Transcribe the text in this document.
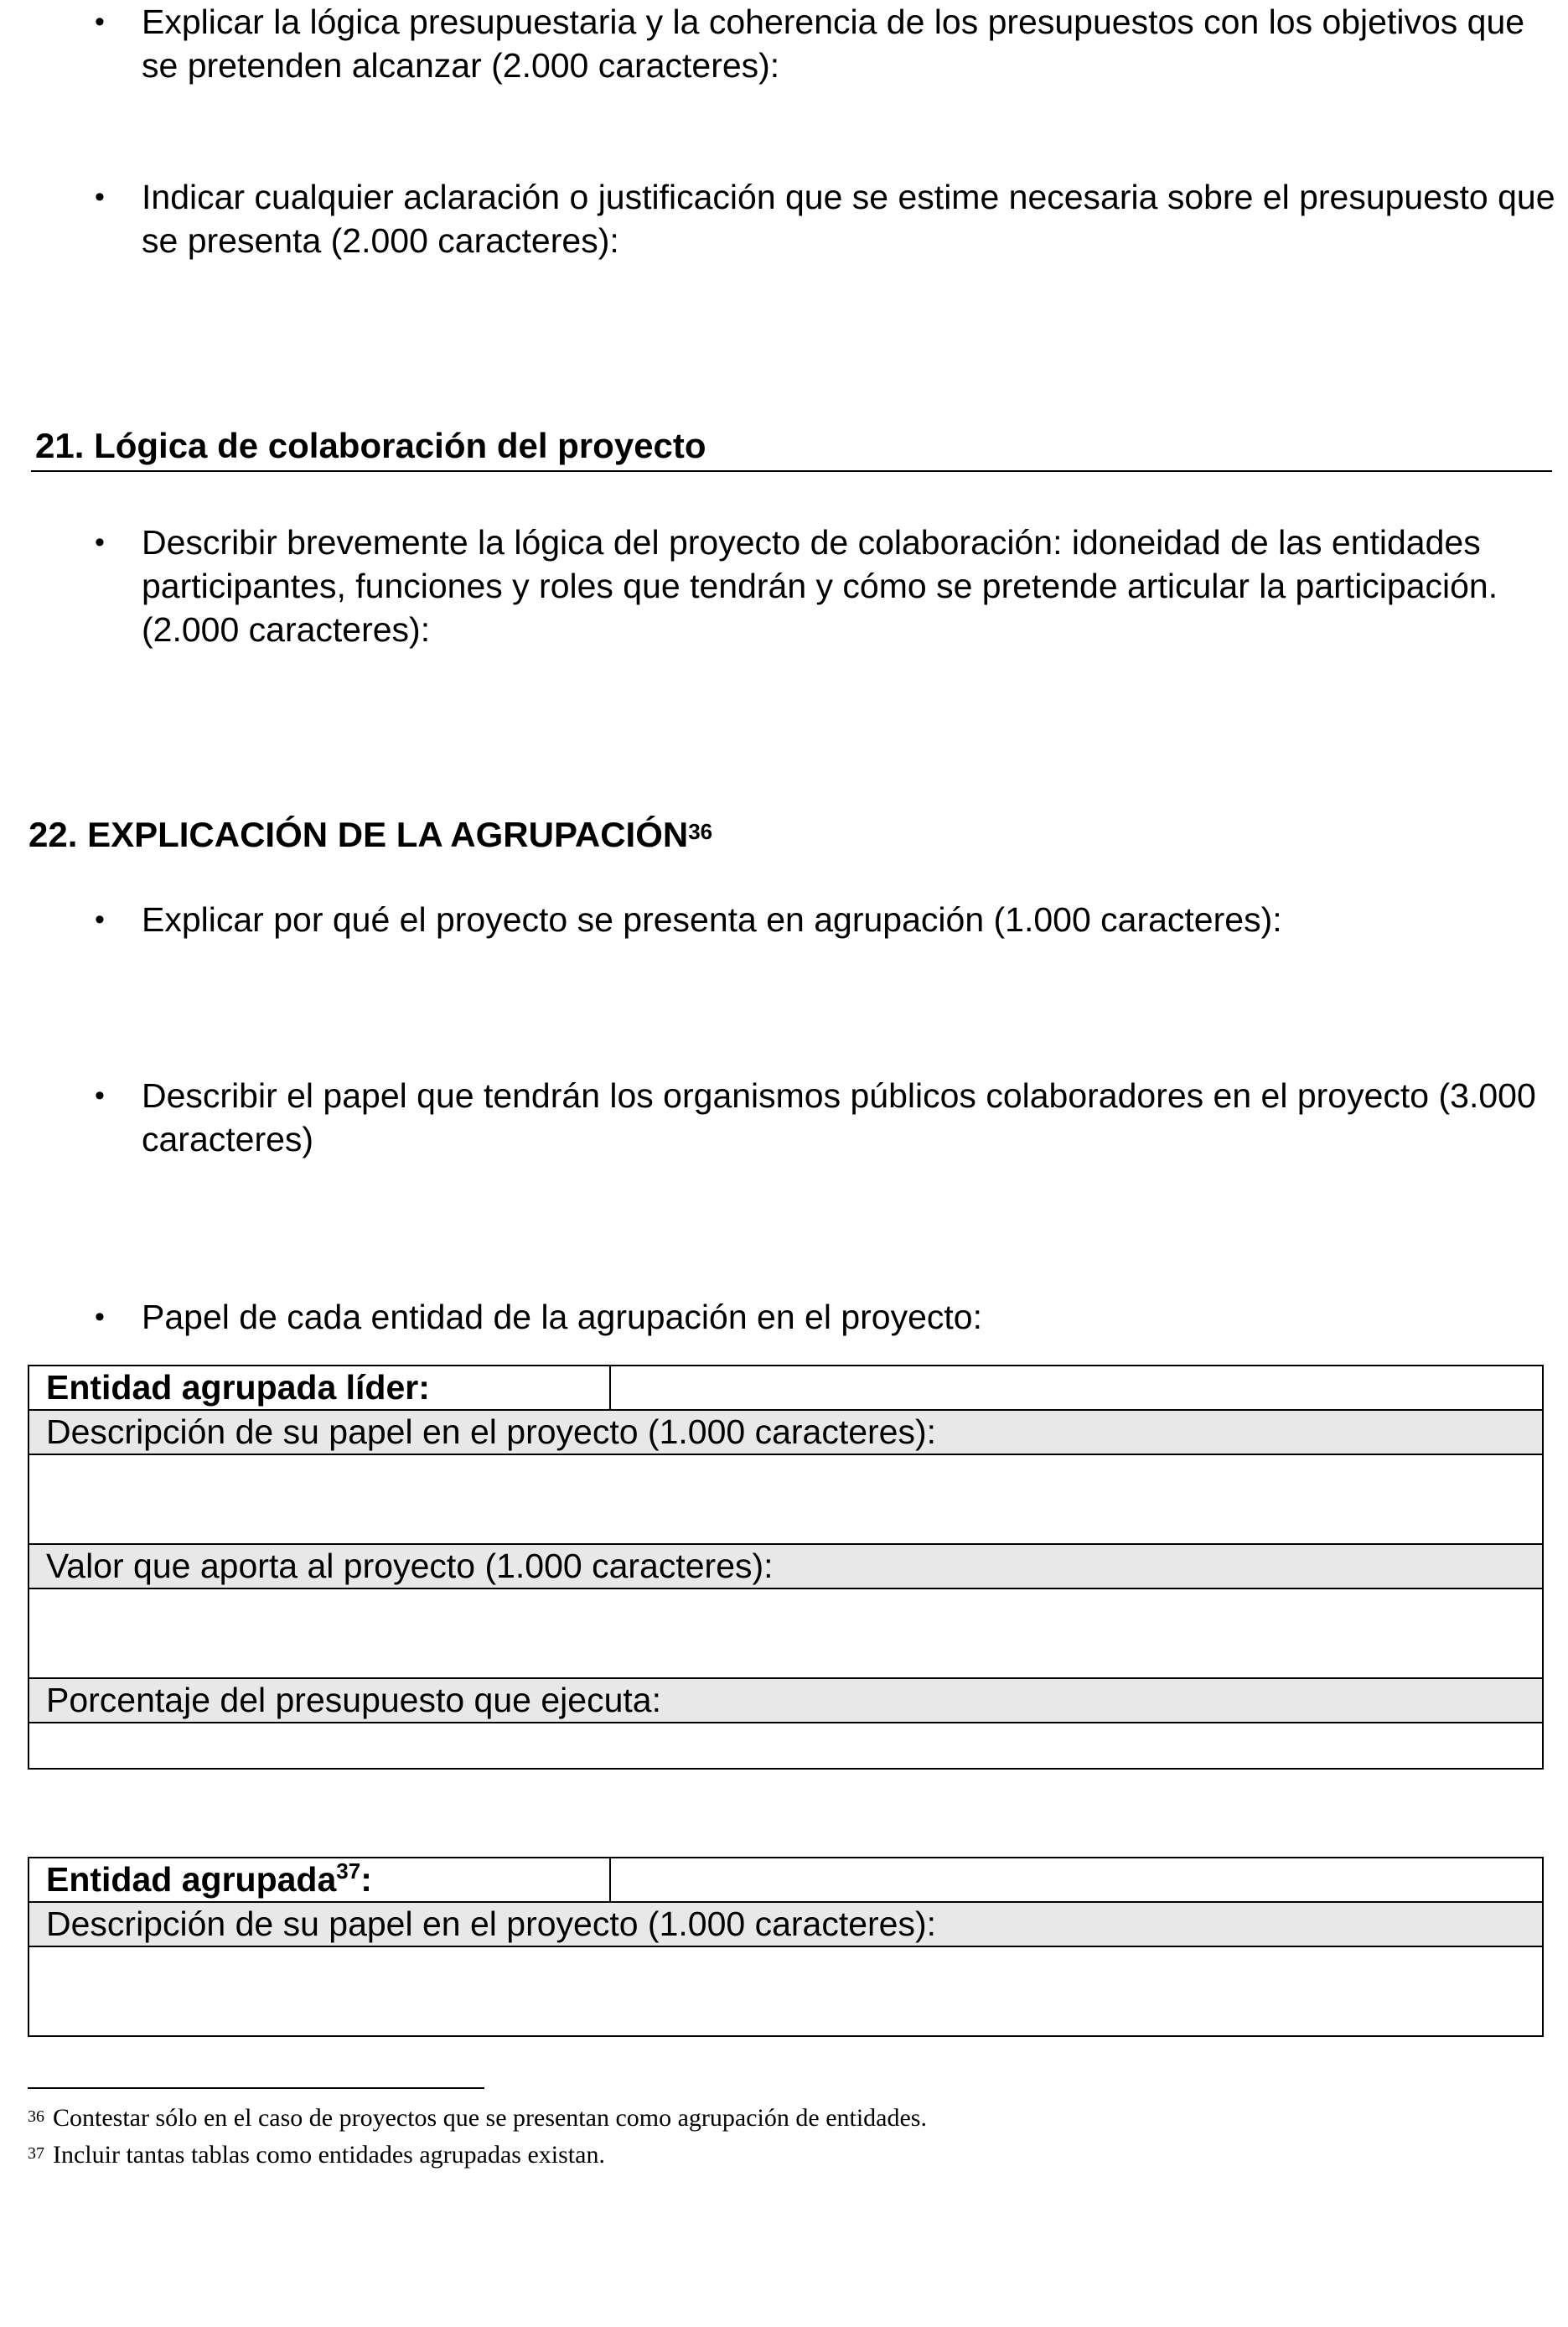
•	Explicar la lógica presupuestaria y la coherencia de los presupuestos con los objetivos que se pretenden alcanzar (2.000 caracteres):
•	Indicar cualquier aclaración o justificación que se estime necesaria sobre el presupuesto que se presenta (2.000 caracteres):
21. Lógica de colaboración del proyecto
•	Describir brevemente la lógica del proyecto de colaboración: idoneidad de las entidades participantes, funciones y roles que tendrán y cómo se pretende articular la participación. (2.000 caracteres):
22. EXPLICACIÓN DE LA AGRUPACIÓN$^{36}$
•	Explicar por qué el proyecto se presenta en agrupación (1.000 caracteres):
•	Describir el papel que tendrán los organismos públicos colaboradores en el proyecto (3.000 caracteres)
•	Papel de cada entidad de la agrupación en el proyecto:
Entidad agrupada líder:	
Descripción de su papel en el proyecto (1.000 caracteres):

Valor que aporta al proyecto (1.000 caracteres):

Porcentaje del presupuesto que ejecuta:

Entidad agrupada$^{37}$:	
Descripción de su papel en el proyecto (1.000 caracteres):

$^{36}$ Contestar sólo en el caso de proyectos que se presentan como agrupación de entidades.
$^{37}$ Incluir tantas tablas como entidades agrupadas existan.
